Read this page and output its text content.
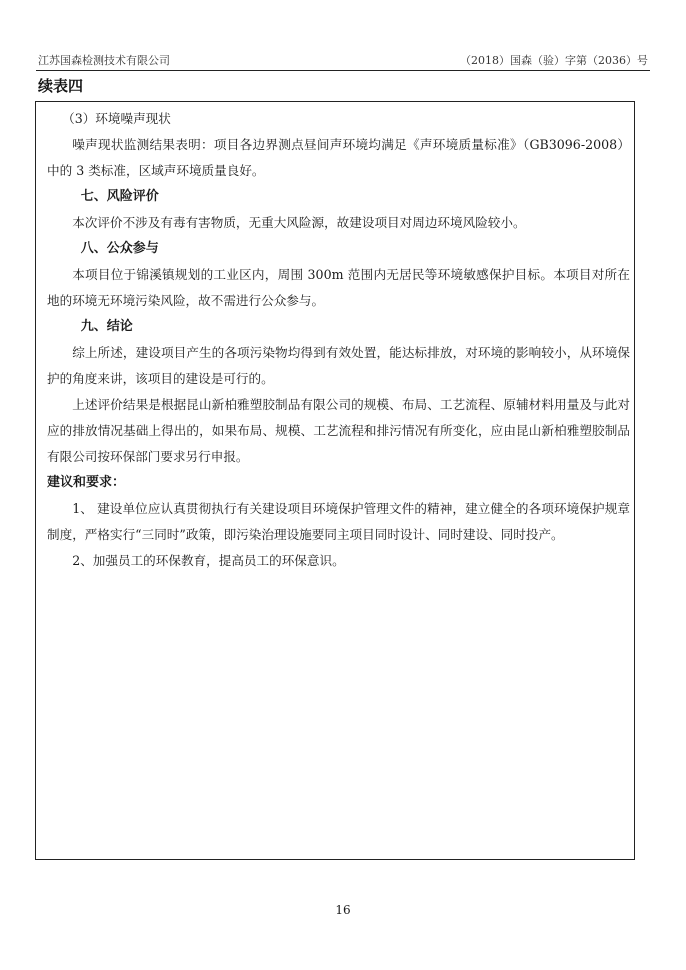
江苏国森检测技术有限公司	（2018）国森（验）字第（2036）号
续表四

（3）环境噪声现状

噪声现状监测结果表明：项目各边界测点昼间声环境均满足《声环境质量标准》（GB3096-2008）中的 3 类标准，区域声环境质量良好。

七、风险评价

本次评价不涉及有毒有害物质，无重大风险源，故建设项目对周边环境风险较小。

八、公众参与

本项目位于锦溪镇规划的工业区内，周围 300m 范围内无居民等环境敏感保护目标。本项目对所在地的环境无环境污染风险，故不需进行公众参与。

九、结论

综上所述，建设项目产生的各项污染物均得到有效处置，能达标排放，对环境的影响较小，从环境保护的角度来讲，该项目的建设是可行的。

上述评价结果是根据昆山新柏雅塑胶制品有限公司的规模、布局、工艺流程、原辅材料用量及与此对应的排放情况基础上得出的，如果布局、规模、工艺流程和排污情况有所变化，应由昆山新柏雅塑胶制品有限公司按环保部门要求另行申报。

建议和要求：

1、 建设单位应认真贯彻执行有关建设项目环境保护管理文件的精神，建立健全的各项环境保护规章制度，严格实行“三同时”政策，即污染治理设施要同主项目同时设计、同时建设、同时投产。

2、加强员工的环保教育，提高员工的环保意识。

16
